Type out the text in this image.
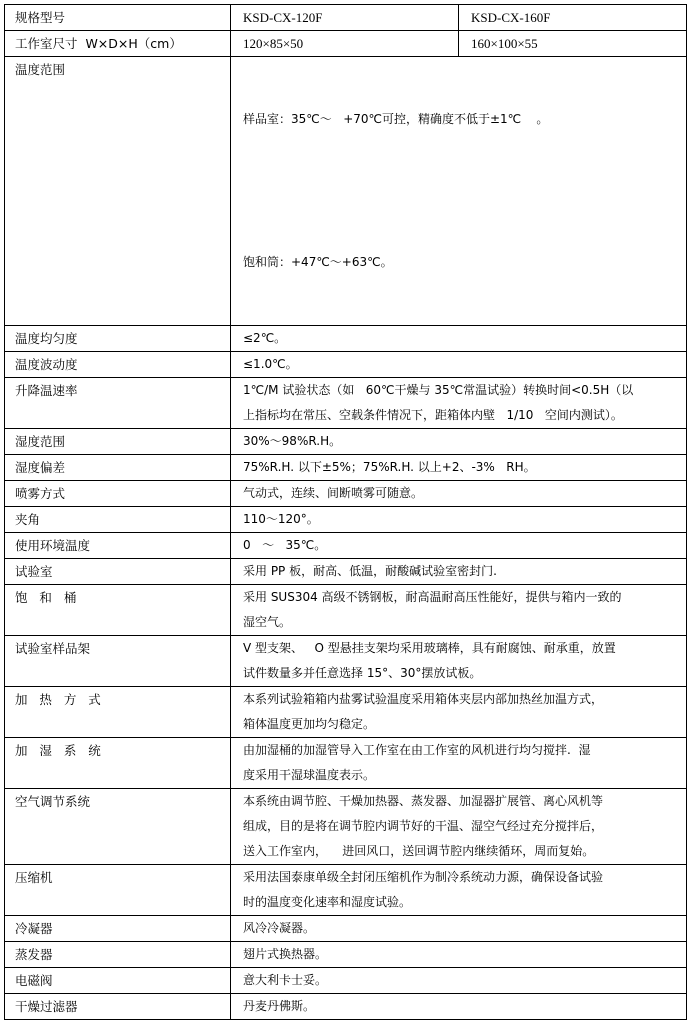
规格型号	KSD-CX-120F	KSD-CX-160F
工作室尺寸  W×D×H（cm）	120×85×50	160×100×55
温度范围	样品室：35℃～   +70℃可控，精确度不低于±1℃    。

饱和筒：+47℃～+63℃。	

温度均匀度	≤2℃。	

温度波动度	≤1.0℃。	

升降温速率	1℃/M 试验状态（如   60℃干燥与 35℃常温试验）转换时间<0.5H（以
上指标均在常压、空载条件情况下，距箱体内壁   1/10   空间内测试）。	

湿度范围	30%～98%R.H。	

湿度偏差	75%R.H. 以下±5%；75%R.H. 以上+2、-3%   RH。	

喷雾方式	气动式，连续、间断喷雾可随意。	

夹角	110～120°。	

使用环境温度	0   ～   35℃。	

试验室	采用 PP 板，耐高、低温，耐酸碱试验室密封门.	

饱   和   桶	采用 SUS304 高级不锈钢板，耐高温耐高压性能好，提供与箱内一致的
湿空气。	

试验室样品架	V 型支架、   O 型悬挂支架均采用玻璃棒，具有耐腐蚀、耐承重，放置
试件数量多并任意选择 15°、30°摆放试板。	

加   热   方   式	本系列试验箱箱内盐雾试验温度采用箱体夹层内部加热丝加温方式，
箱体温度更加均匀稳定。	

加   湿   系   统	由加湿桶的加湿管导入工作室在由工作室的风机进行均匀搅拌.  湿
度采用干湿球温度表示。	

空气调节系统	本系统由调节腔、干燥加热器、蒸发器、加湿器扩展管、离心风机等
组成，目的是将在调节腔内调节好的干温、湿空气经过充分搅拌后，
送入工作室内，    进回风口，送回调节腔内继续循环，周而复始。	

压缩机	采用法国泰康单级全封闭压缩机作为制冷系统动力源，确保设备试验
时的温度变化速率和湿度试验。	

冷凝器	风冷冷凝器。	

蒸发器	翅片式换热器。	

电磁阀	意大利卡士妥。	

干燥过滤器	丹麦丹佛斯。	
